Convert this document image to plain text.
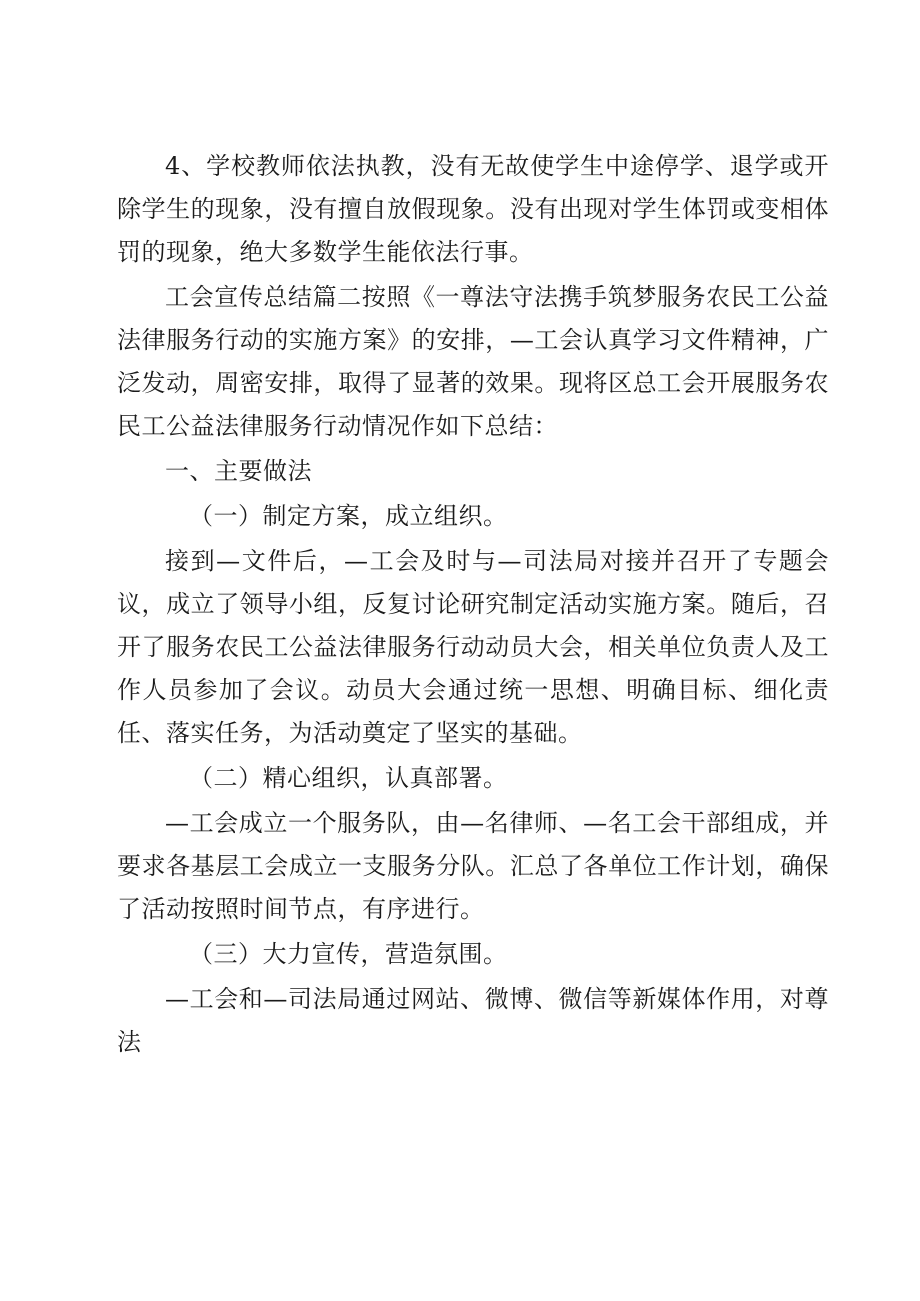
4、学校教师依法执教，没有无故使学生中途停学、退学或开除学生的现象，没有擅自放假现象。没有出现对学生体罚或变相体罚的现象，绝大多数学生能依法行事。

工会宣传总结篇二按照《一尊法守法携手筑梦服务农民工公益法律服务行动的实施方案》的安排，—工会认真学习文件精神，广泛发动，周密安排，取得了显著的效果。现将区总工会开展服务农民工公益法律服务行动情况作如下总结：

一、主要做法

（一）制定方案，成立组织。

接到—文件后，—工会及时与—司法局对接并召开了专题会议，成立了领导小组，反复讨论研究制定活动实施方案。随后，召开了服务农民工公益法律服务行动动员大会，相关单位负责人及工作人员参加了会议。动员大会通过统一思想、明确目标、细化责任、落实任务，为活动奠定了坚实的基础。

（二）精心组织，认真部署。

—工会成立一个服务队，由—名律师、—名工会干部组成，并要求各基层工会成立一支服务分队。汇总了各单位工作计划，确保了活动按照时间节点，有序进行。

（三）大力宣传，营造氛围。

—工会和—司法局通过网站、微博、微信等新媒体作用，对尊法
